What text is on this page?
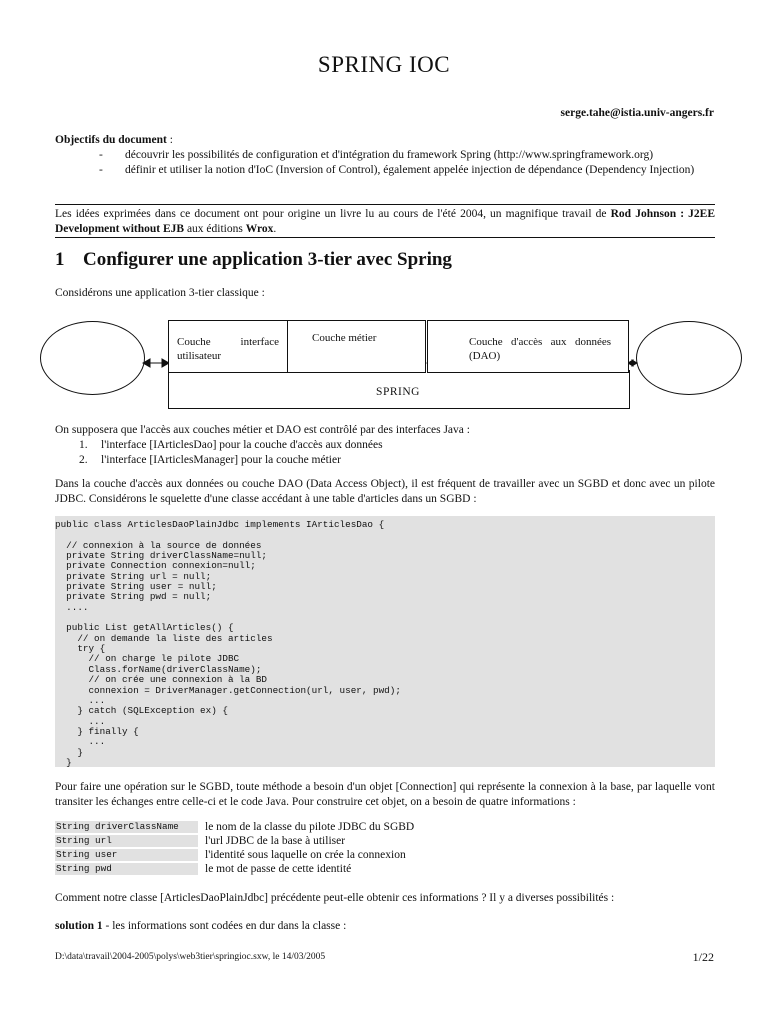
SPRING IOC
serge.tahe@istia.univ-angers.fr
Objectifs du document :
- découvrir les possibilités de configuration et d'intégration du framework Spring (http://www.springframework.org)
- définir et utiliser la notion d'IoC (Inversion of Control), également appelée injection de dépendance (Dependency Injection)
Les idées exprimées dans ce document ont pour origine un livre lu au cours de l'été 2004, un magnifique travail de Rod Johnson : J2EE Development without EJB aux éditions Wrox.
1 Configurer une application 3-tier avec Spring
Considérons une application 3-tier classique :
SPRING
Couche interface utilisateur
Couche métier	Couche d'accès aux données (DAO)
On supposera que l'accès aux couches métier et DAO est contrôlé par des interfaces Java :
1. l'interface [IArticlesDao] pour la couche d'accès aux données
2. l'interface [IArticlesManager] pour la couche métier
Dans la couche d'accès aux données ou couche DAO (Data Access Object), il est fréquent de travailler avec un SGBD et donc avec un pilote JDBC. Considérons le squelette d'une classe accédant à une table d'articles dans un SGBD :
public class ArticlesDaoPlainJdbc implements IArticlesDao {

// connexion à la source de données
private String driverClassName=null;
private Connection connexion=null;
private String url = null;
private String user = null;
private String pwd = null;
....

public List getAllArticles() {
// on demande la liste des articles
try {
// on charge le pilote JDBC
Class.forName(driverClassName);
// on crée une connexion à la BD
connexion = DriverManager.getConnection(url, user, pwd);
...
} catch (SQLException ex) {
...
} finally {
...
}
}
Pour faire une opération sur le SGBD, toute méthode a besoin d'un objet [Connection] qui représente la connexion à la base, par laquelle vont transiter les échanges entre celle-ci et le code Java. Pour construire cet objet, on a besoin de quatre informations :
String driverClassName	le nom de la classe du pilote JDBC du SGBD
String url	l'url JDBC de la base à utiliser
String user	l'identité sous laquelle on crée la connexion
String pwd	le mot de passe de cette identité
Comment notre classe [ArticlesDaoPlainJdbc] précédente peut-elle obtenir ces informations ? Il y a diverses possibilités :
solution 1 - les informations sont codées en dur dans la classe :
D:\data\travail\2004-2005\polys\web3tier\springioc.sxw, le 14/03/2005	1/22
